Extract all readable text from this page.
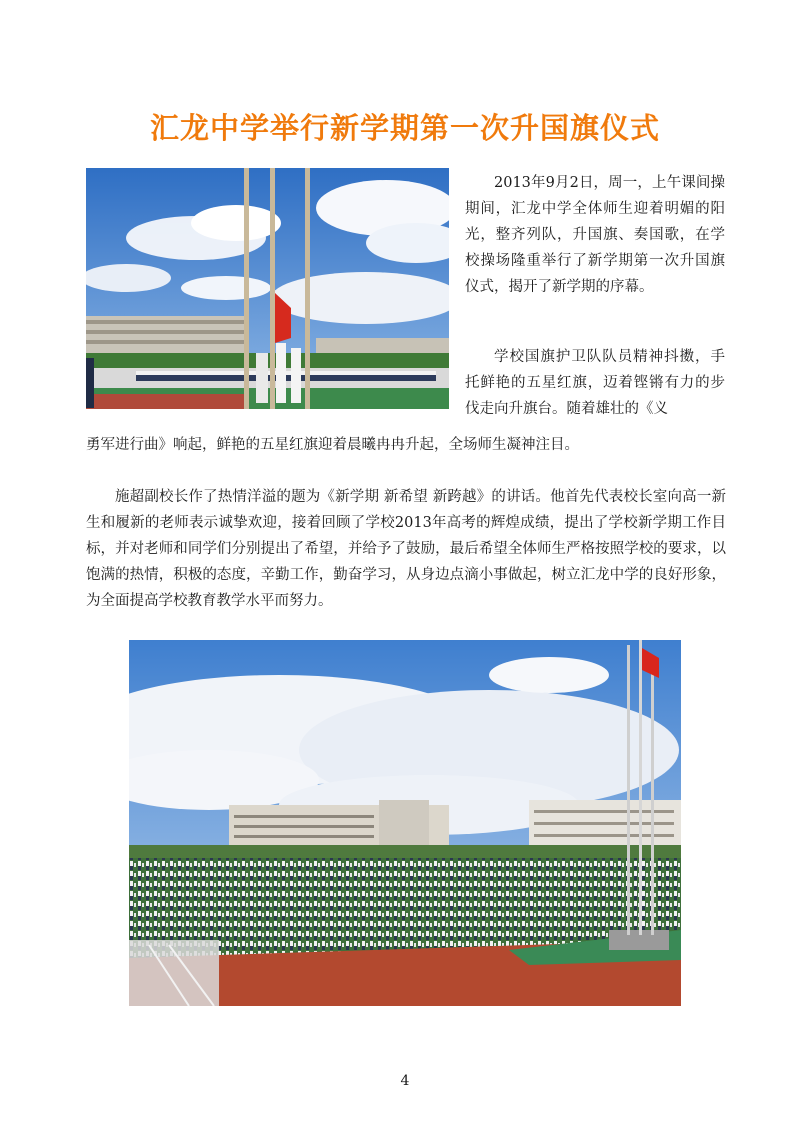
汇龙中学举行新学期第一次升国旗仪式

2013年9月2日，周一，上午课间操期间，汇龙中学全体师生迎着明媚的阳光，整齐列队，升国旗、奏国歌，在学校操场隆重举行了新学期第一次升国旗仪式，揭开了新学期的序幕。

学校国旗护卫队队员精神抖擞，手托鲜艳的五星红旗，迈着铿锵有力的步伐走向升旗台。随着雄壮的《义

勇军进行曲》响起，鲜艳的五星红旗迎着晨曦冉冉升起，全场师生凝神注目。

施超副校长作了热情洋溢的题为《新学期 新希望 新跨越》的讲话。他首先代表校长室向高一新生和履新的老师表示诚挚欢迎，接着回顾了学校2013年高考的辉煌成绩，提出了学校新学期工作目标，并对老师和同学们分别提出了希望，并给予了鼓励，最后希望全体师生严格按照学校的要求，以饱满的热情，积极的态度，辛勤工作，勤奋学习，从身边点滴小事做起，树立汇龙中学的良好形象，为全面提高学校教育教学水平而努力。

4
